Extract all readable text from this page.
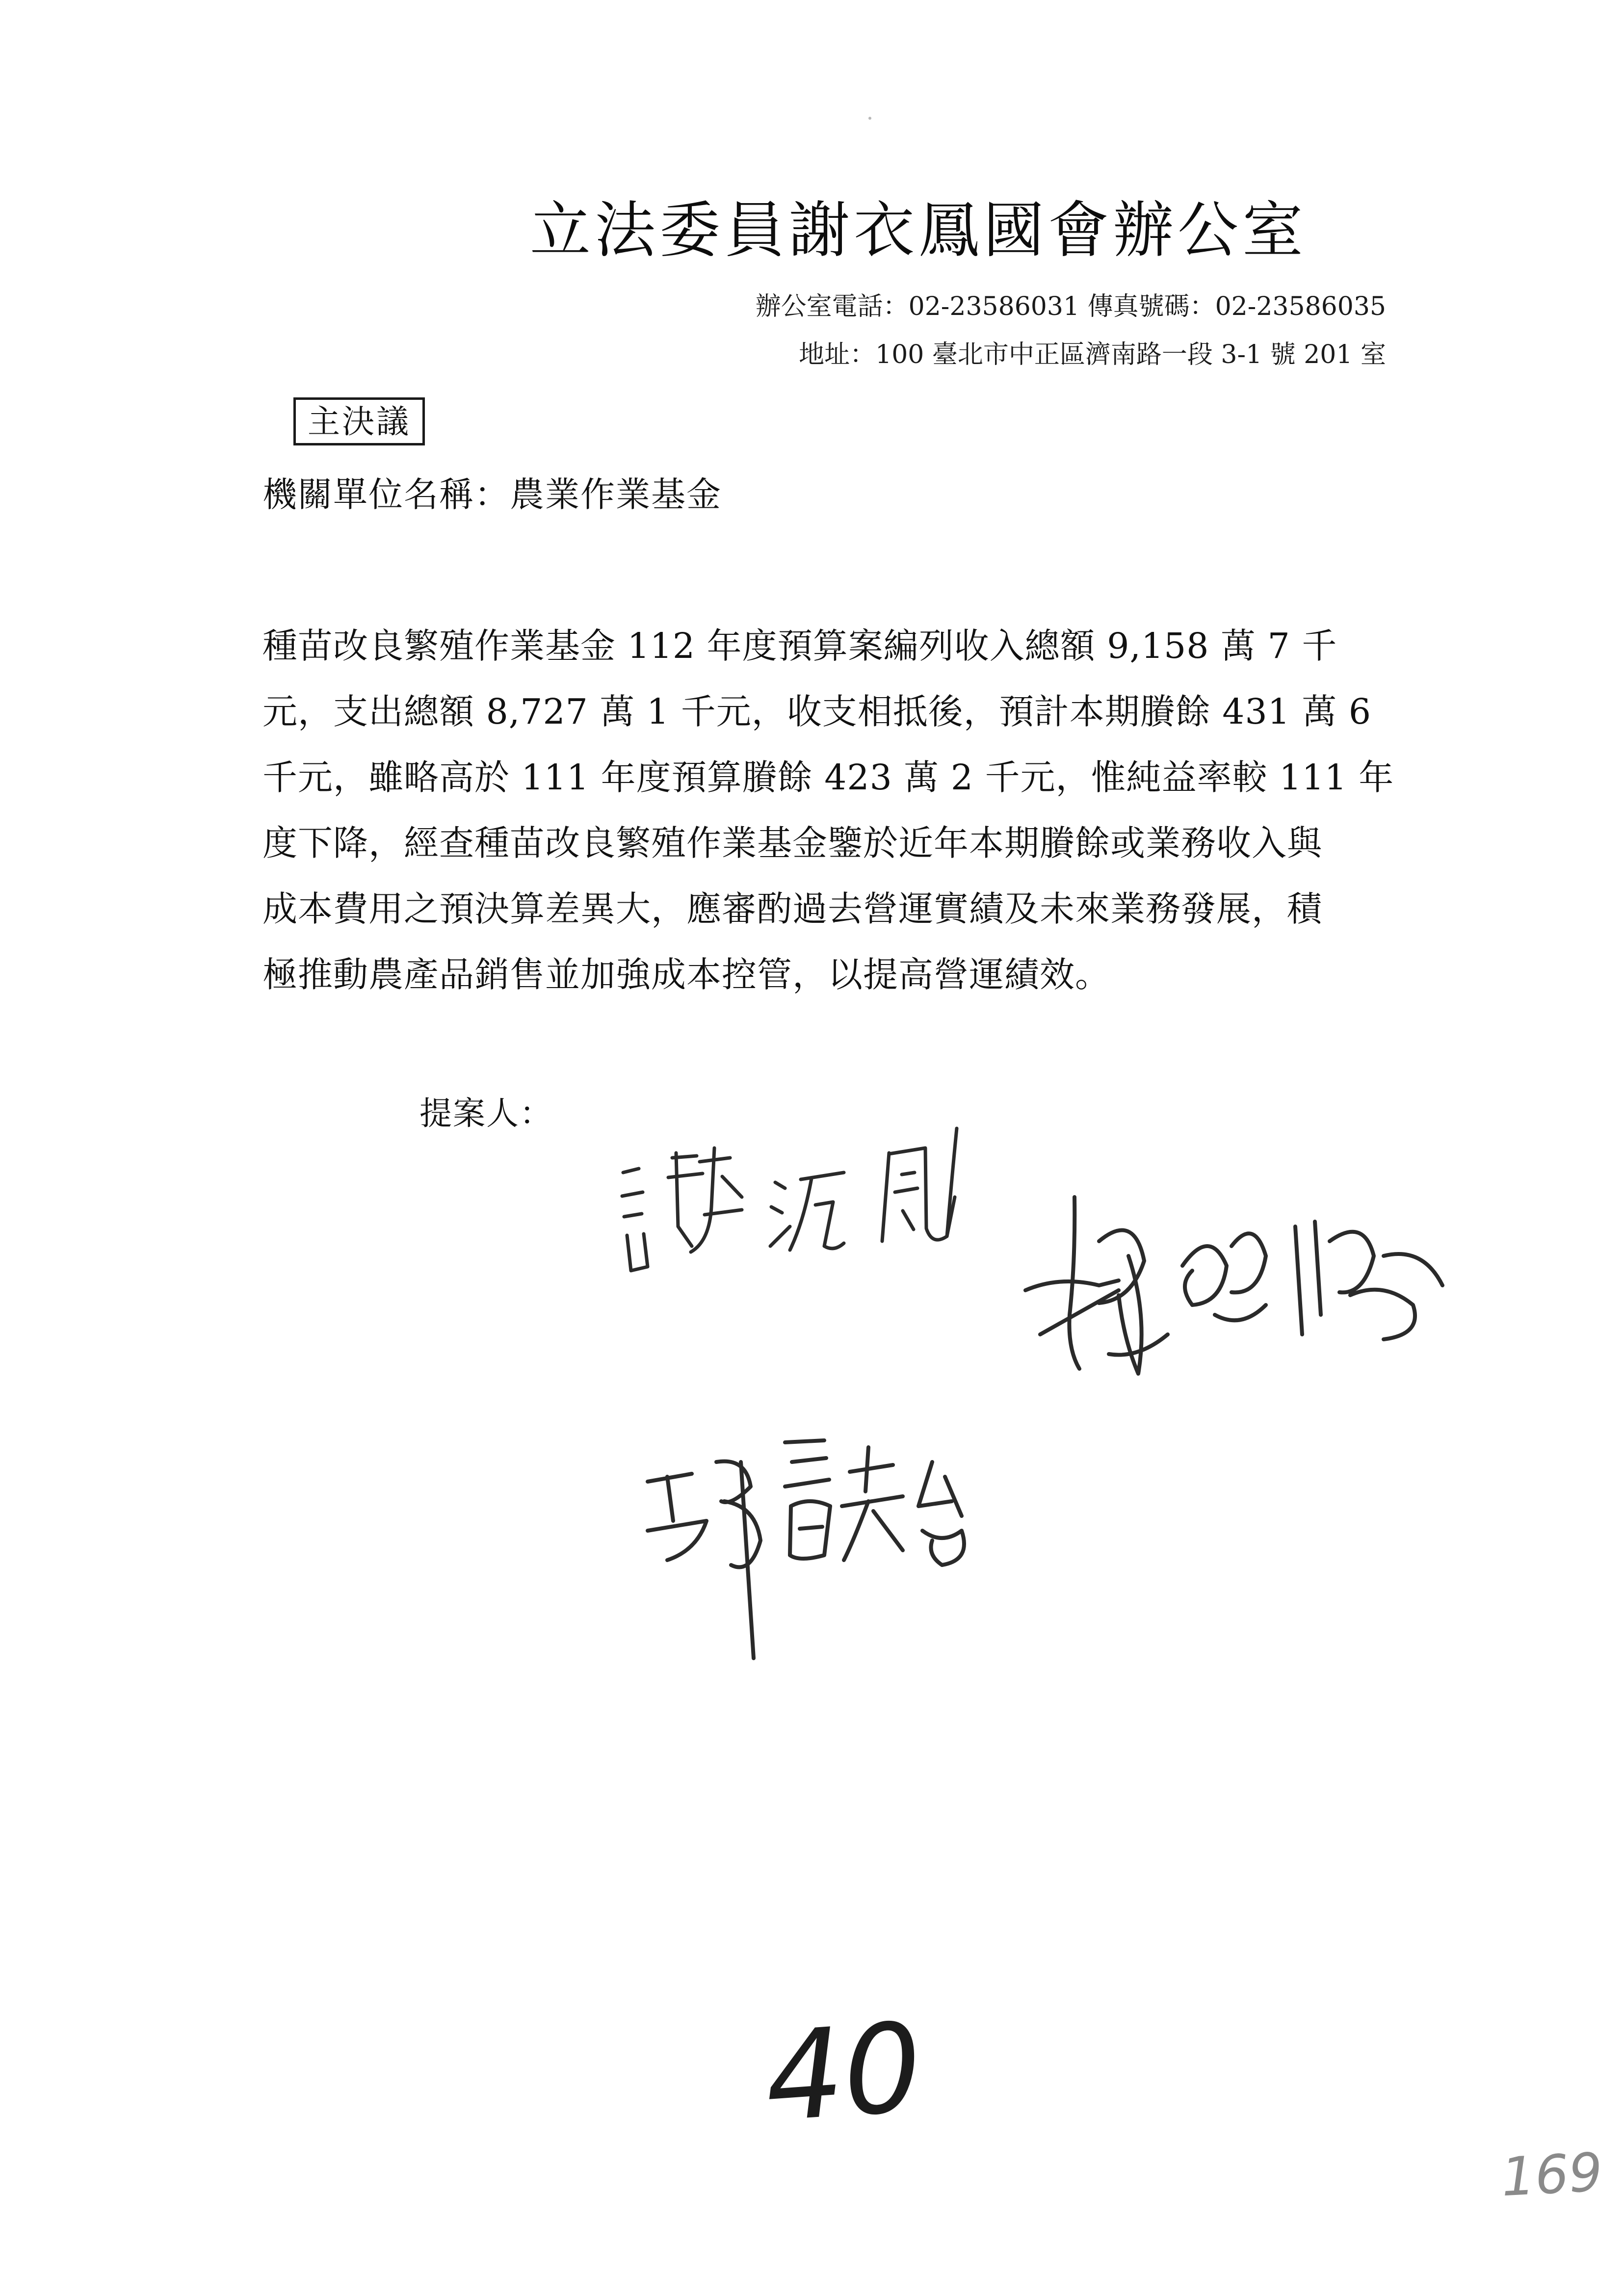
立法委員謝衣鳳國會辦公室
辦公室電話：02-23586031 傳真號碼：02-23586035
地址：100 臺北市中正區濟南路一段 3-1 號 201 室
主決議
機關單位名稱：農業作業基金
種苗改良繁殖作業基金 112 年度預算案編列收入總額 9,158 萬 7 千
元，支出總額 8,727 萬 1 千元，收支相抵後，預計本期賸餘 431 萬 6
千元，雖略高於 111 年度預算賸餘 423 萬 2 千元，惟純益率較 111 年
度下降，經查種苗改良繁殖作業基金鑒於近年本期賸餘或業務收入與
成本費用之預決算差異大，應審酌過去營運實績及未來業務發展，積
極推動農產品銷售並加強成本控管，以提高營運績效。
提案人：
40
169
